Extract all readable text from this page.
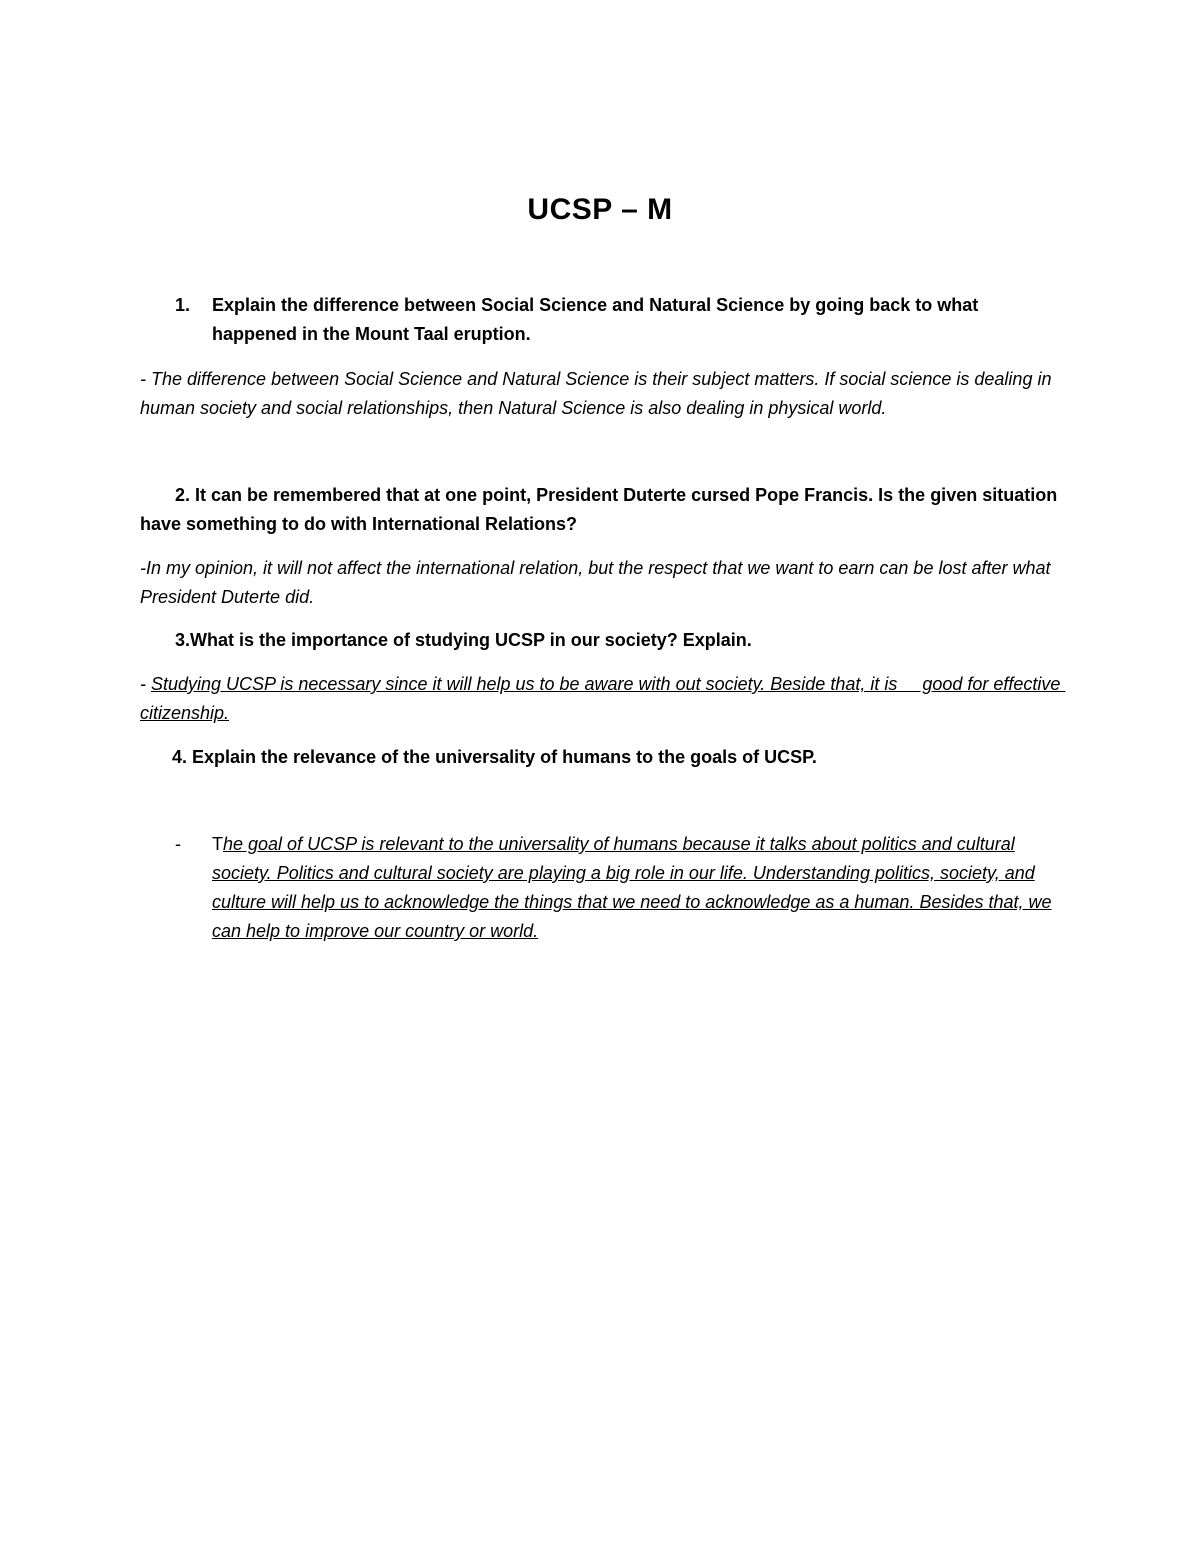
UCSP – M
1. Explain the difference between Social Science and Natural Science by going back to what happened in the Mount Taal eruption.

- The difference between Social Science and Natural Science is their subject matters. If social science is dealing in human society and social relationships, then Natural Science is also dealing in physical world.

2. It can be remembered that at one point, President Duterte cursed Pope Francis. Is the given situation have something to do with International Relations?

-In my opinion, it will not affect the international relation, but the respect that we want to earn can be lost after what President Duterte did.

3.What is the importance of studying UCSP in our society? Explain.

- Studying UCSP is necessary since it will help us to be aware with out society. Beside that, it is     good for effective citizenship.

4. Explain the relevance of the universality of humans to the goals of UCSP.

- The goal of UCSP is relevant to the universality of humans because it talks about politics and cultural society. Politics and cultural society are playing a big role in our life. Understanding politics, society, and culture will help us to acknowledge the things that we need to acknowledge as a human. Besides that, we can help to improve our country or world.
